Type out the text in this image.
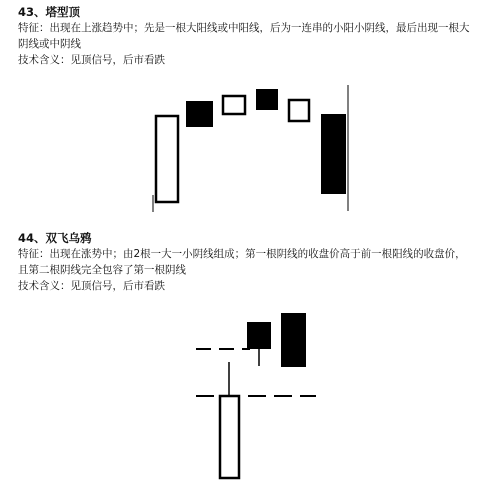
43、塔型顶
特征：出现在上涨趋势中；先是一根大阳线或中阳线，后为一连串的小阳小阴线，最后出现一根大
阴线或中阴线
技术含义：见顶信号，后市看跌
44、双飞乌鸦
特征：出现在涨势中；由2根一大一小阴线组成；第一根阴线的收盘价高于前一根阳线的收盘价，
且第二根阴线完全包容了第一根阴线
技术含义：见顶信号，后市看跌
